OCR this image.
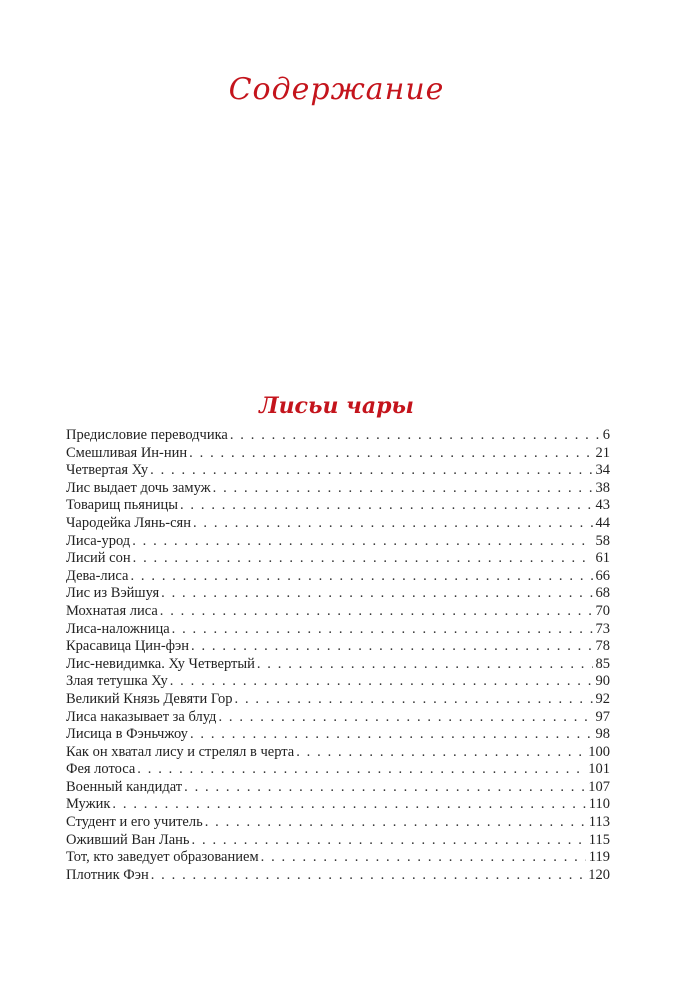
Содержание
Лисьи чары
Предисловие переводчика . . .	6
Смешливая Ин-нин . . .	21
Четвертая Ху . . .	34
Лис выдает дочь замуж . . .	38
Товарищ пьяницы . . .	43
Чародейка Лянь-сян . . .	44
Лиса-урод . . .	58
Лисий сон . . .	61
Дева-лиса . . .	66
Лис из Вэйшуя . . .	68
Мохнатая лиса . . .	70
Лиса-наложница . . .	73
Красавица Цин-фэн . . .	78
Лис-невидимка. Ху Четвертый . . .	85
Злая тетушка Ху . . .	90
Великий Князь Девяти Гор . . .	92
Лиса наказывает за блуд . . .	97
Лисица в Фэньчжоу . . .	98
Как он хватал лису и стрелял в черта . . .	100
Фея лотоса . . .	101
Военный кандидат . . .	107
Мужик . . .	110
Студент и его учитель . . .	113
Оживший Ван Лань . . .	115
Тот, кто заведует образованием . . .	119
Плотник Фэн . . .	120
